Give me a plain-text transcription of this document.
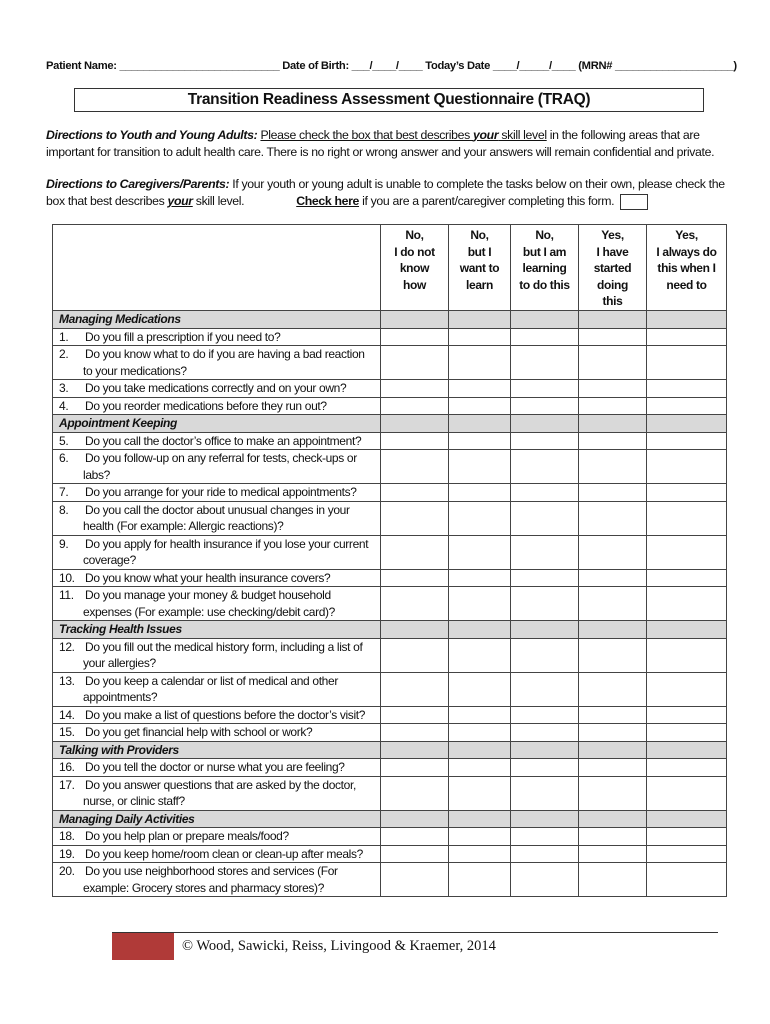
Patient Name: ___________________________ Date of Birth: ___/____/____ Today’s Date ____/_____/____ (MRN# ____________________)
Transition Readiness Assessment Questionnaire (TRAQ)
Directions to Youth and Young Adults: Please check the box that best describes your skill level in the following areas that are important for transition to adult health care. There is no right or wrong answer and your answers will remain confidential and private.
Directions to Caregivers/Parents: If your youth or young adult is unable to complete the tasks below on their own, please check the box that best describes your skill level.	Check here if you are a parent/caregiver completing this form.
	No,
I do not
know
how	No,
but I
want to
learn	No,
but I am
learning
to do this	Yes,
I have
started
doing
this	Yes,
I always do
this when I
need to
Managing Medications					
1. Do you fill a prescription if you need to?					
2. Do you know what to do if you are having a bad reaction
to your medications?					

3. Do you take medications correctly and on your own?					
4. Do you reorder medications before they run out?					
Appointment Keeping					
5. Do you call the doctor’s office to make an appointment?					
6. Do you follow-up on any referral for tests, check-ups or
labs?					

7. Do you arrange for your ride to medical appointments?					
8. Do you call the doctor about unusual changes in your
health (For example: Allergic reactions)?					

9. Do you apply for health insurance if you lose your current
coverage?					

10. Do you know what your health insurance covers?					
11. Do you manage your money & budget household
expenses (For example: use checking/debit card)?					

Tracking Health Issues					
12. Do you fill out the medical history form, including a list of
your allergies?					

13. Do you keep a calendar or list of medical and other
appointments?					

14. Do you make a list of questions before the doctor’s visit?					
15. Do you get financial help with school or work?					
Talking with Providers					
16. Do you tell the doctor or nurse what you are feeling?					
17. Do you answer questions that are asked by the doctor,
nurse, or clinic staff?					

Managing Daily Activities					
18. Do you help plan or prepare meals/food?					
19. Do you keep home/room clean or clean-up after meals?					
20. Do you use neighborhood stores and services (For
example: Grocery stores and pharmacy stores)?					

© Wood, Sawicki, Reiss, Livingood & Kraemer, 2014
